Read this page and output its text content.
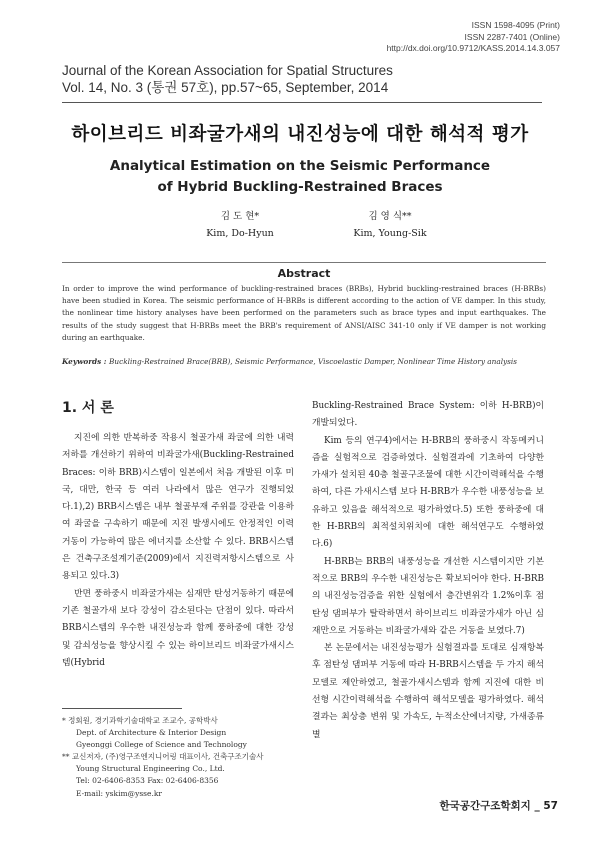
ISSN 1598-4095 (Print)
ISSN 2287-7401 (Online)
http://dx.doi.org/10.9712/KASS.2014.14.3.057
Journal of the Korean Association for Spatial Structures
Vol. 14, No. 3 (통권 57호), pp.57~65, September, 2014
하이브리드 비좌굴가새의 내진성능에 대한 해석적 평가
Analytical Estimation on the Seismic Performance
of Hybrid Buckling-Restrained Braces
김 도 현*
Kim, Do-Hyun
김 영 식**
Kim, Young-Sik
Abstract
In order to improve the wind performance of buckling-restrained braces (BRBs), Hybrid buckling-restrained braces (H-BRBs) have been studied in Korea. The seismic performance of H-BRBs is different according to the action of VE damper. In this study, the nonlinear time history analyses have been performed on the parameters such as brace types and input earthquakes. The results of the study suggest that H-BRBs meet the BRB's requirement of ANSI/AISC 341-10 only if VE damper is not working during an earthquake.
Keywords : Buckling-Restrained Brace(BRB), Seismic Performance, Viscoelastic Damper, Nonlinear Time History analysis
1. 서 론

지진에 의한 반복하중 작용시 철골가새 좌굴에 의한 내력저하를 개선하기 위하여 비좌굴가새(Buckling-Restrained Braces: 이하 BRB)시스템이 일본에서 처음 개발된 이후 미국, 대만, 한국 등 여러 나라에서 많은 연구가 진행되었다.1),2) BRB시스템은 내부 철골부재 주위를 강관을 이용하여 좌굴을 구속하기 때문에 지진 발생시에도 안정적인 이력거동이 가능하여 많은 에너지를 소산할 수 있다. BRB시스템은 건축구조설계기준(2009)에서 지진력저항시스템으로 사용되고 있다.3)

반면 풍하중시 비좌굴가새는 심재만 탄성거동하기 때문에 기존 철골가새 보다 강성이 감소된다는 단점이 있다. 따라서 BRB시스템의 우수한 내진성능과 함께 풍하중에 대한 강성 및 감쇠성능을 향상시킬 수 있는 하이브리드 비좌굴가새시스템(Hybrid

Buckling-Restrained Brace System: 이하 H-BRB)이 개발되었다.

Kim 등의 연구4)에서는 H-BRB의 풍하중시 작동메커니즘을 실험적으로 검증하였다. 실험결과에 기초하여 다양한 가새가 설치된 40층 철골구조물에 대한 시간이력해석을 수행하여, 다른 가새시스템 보다 H-BRB가 우수한 내풍성능을 보유하고 있음을 해석적으로 평가하였다.5) 또한 풍하중에 대한 H-BRB의 최적설치위치에 대한 해석연구도 수행하였다.6)

H-BRB는 BRB의 내풍성능을 개선한 시스템이지만 기본적으로 BRB의 우수한 내진성능은 확보되어야 한다. H-BRB의 내진성능검증을 위한 실험에서 층간변위각 1.2%이후 점탄성 댐퍼부가 탈락하면서 하이브리드 비좌굴가새가 아닌 심재만으로 거동하는 비좌굴가새와 같은 거동을 보였다.7)

본 논문에서는 내진성능평가 실험결과를 토대로 심재항복 후 점탄성 댐퍼부 거동에 따라 H-BRB시스템을 두 가지 해석모델로 제안하였고, 철골가새시스템과 함께 지진에 대한 비선형 시간이력해석을 수행하여 해석모델을 평가하였다. 해석결과는 최상층 변위 및 가속도, 누적소산에너지량, 가새종류별

* 정회원, 경기과학기술대학교 조교수, 공학박사
Dept. of Architecture & Interior Design
Gyeonggi College of Science and Technology
** 교신저자, (주)영구조엔지니어링 대표이사, 건축구조기술사
Young Structural Engineering Co., Ltd.
Tel: 02-6406-8353 Fax: 02-6406-8356
E-mail: yskim@ysse.kr
한국공간구조학회지 _ 57
